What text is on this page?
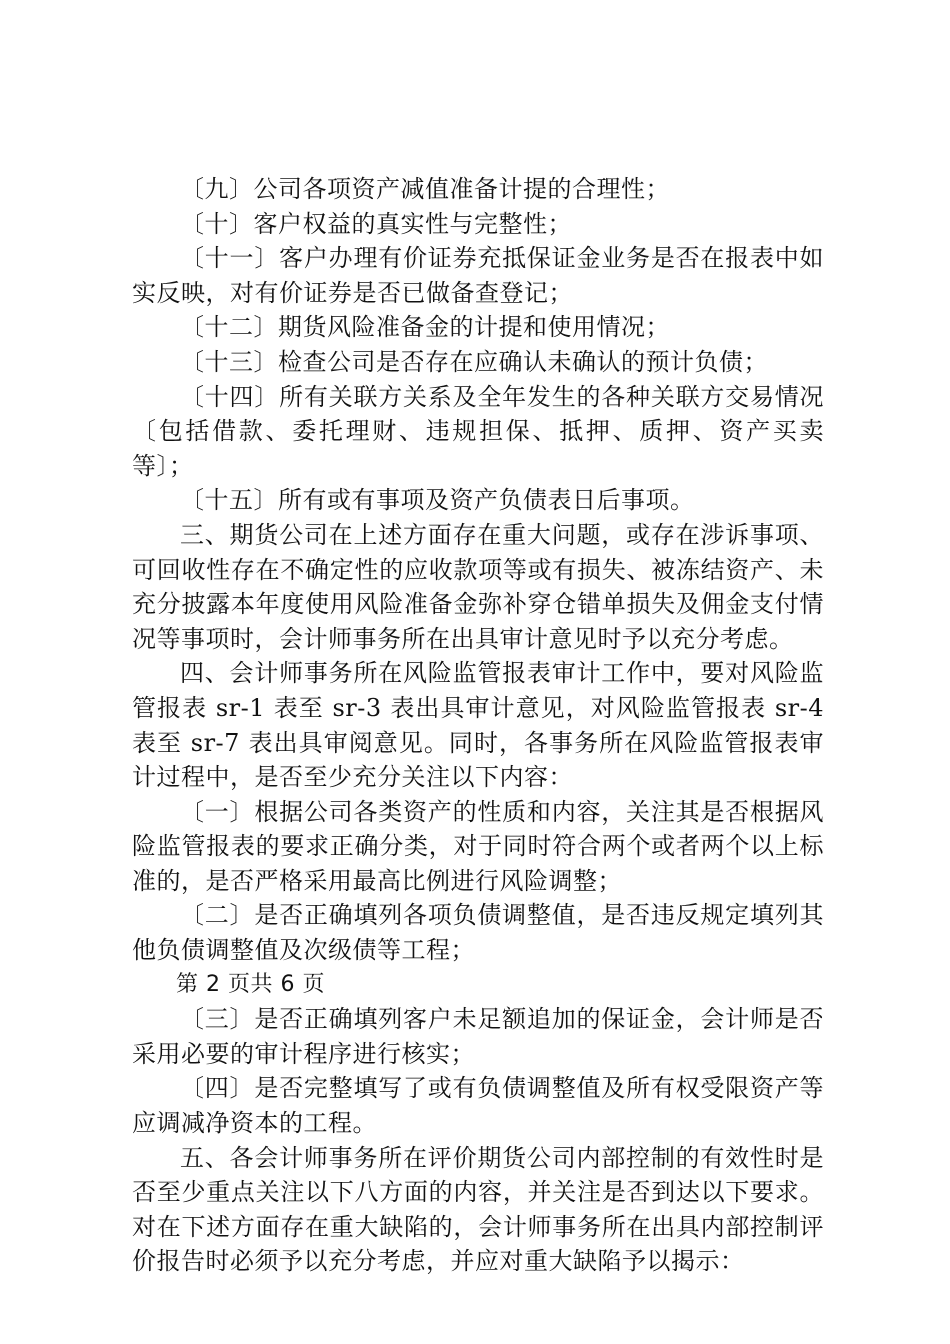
〔九〕公司各项资产减值准备计提的合理性；

〔十〕客户权益的真实性与完整性；

〔十一〕客户办理有价证券充抵保证金业务是否在报表中如实反映，对有价证券是否已做备查登记；

〔十二〕期货风险准备金的计提和使用情况；

〔十三〕检查公司是否存在应确认未确认的预计负债；

〔十四〕所有关联方关系及全年发生的各种关联方交易情况〔包括借款、委托理财、违规担保、抵押、质押、资产买卖等〕；

〔十五〕所有或有事项及资产负债表日后事项。

三、期货公司在上述方面存在重大问题，或存在涉诉事项、可回收性存在不确定性的应收款项等或有损失、被冻结资产、未充分披露本年度使用风险准备金弥补穿仓错单损失及佣金支付情况等事项时，会计师事务所在出具审计意见时予以充分考虑。

四、会计师事务所在风险监管报表审计工作中，要对风险监管报表 sr-1 表至 sr-3 表出具审计意见，对风险监管报表 sr-4 表至 sr-7 表出具审阅意见。同时，各事务所在风险监管报表审计过程中，是否至少充分关注以下内容：

〔一〕根据公司各类资产的性质和内容，关注其是否根据风险监管报表的要求正确分类，对于同时符合两个或者两个以上标准的，是否严格采用最高比例进行风险调整；

〔二〕是否正确填列各项负债调整值，是否违反规定填列其他负债调整值及次级债等工程；

第 2 页共 6 页

〔三〕是否正确填列客户未足额追加的保证金，会计师是否采用必要的审计程序进行核实；

〔四〕是否完整填写了或有负债调整值及所有权受限资产等应调减净资本的工程。

五、各会计师事务所在评价期货公司内部控制的有效性时是否至少重点关注以下八方面的内容，并关注是否到达以下要求。对在下述方面存在重大缺陷的，会计师事务所在出具内部控制评价报告时必须予以充分考虑，并应对重大缺陷予以揭示：
